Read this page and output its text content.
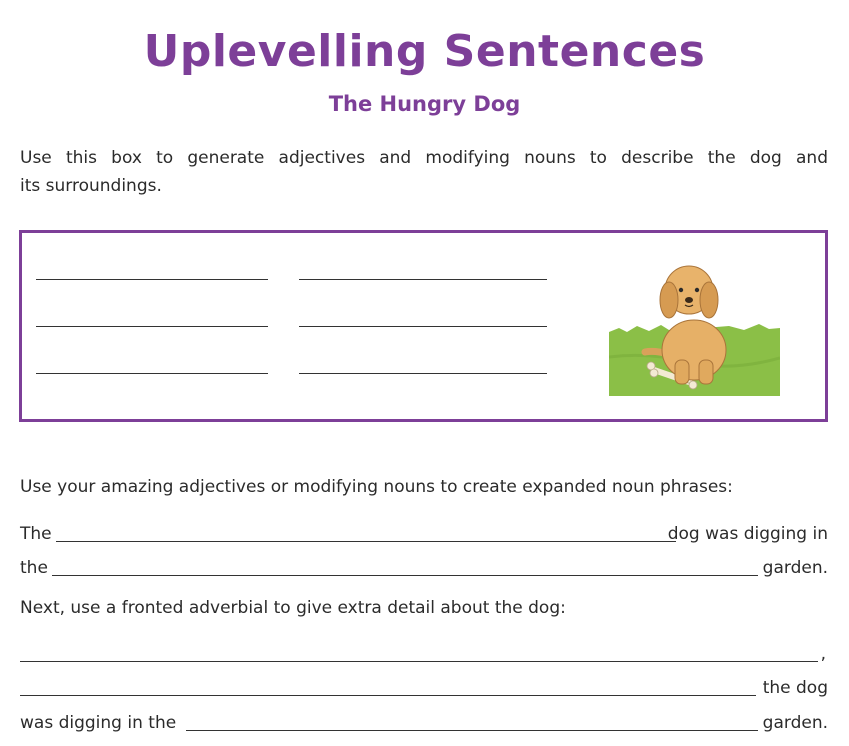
Uplevelling Sentences
The Hungry Dog
Use this box to generate adjectives and modifying nouns to describe the dog and
its surroundings.
Use your amazing adjectives or modifying nouns to create expanded noun phrases:
The	dog was digging in
the	garden.
Next, use a fronted adverbial to give extra detail about the dog:
,
the dog
was digging in the	garden.
